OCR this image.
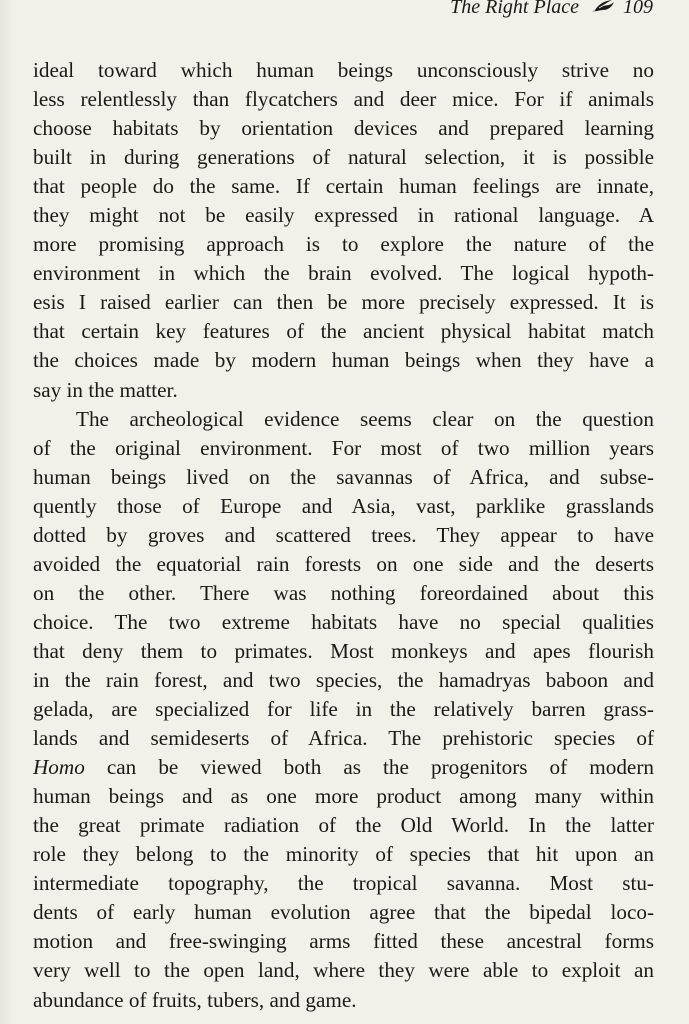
The Right Place 109
ideal toward which human beings unconsciously strive no
less relentlessly than flycatchers and deer mice. For if animals
choose habitats by orientation devices and prepared learning
built in during generations of natural selection, it is possible
that people do the same. If certain human feelings are innate,
they might not be easily expressed in rational language. A
more promising approach is to explore the nature of the
environment in which the brain evolved. The logical hypoth-
esis I raised earlier can then be more precisely expressed. It is
that certain key features of the ancient physical habitat match
the choices made by modern human beings when they have a
say in the matter.
The archeological evidence seems clear on the question
of the original environment. For most of two million years
human beings lived on the savannas of Africa, and subse-
quently those of Europe and Asia, vast, parklike grasslands
dotted by groves and scattered trees. They appear to have
avoided the equatorial rain forests on one side and the deserts
on the other. There was nothing foreordained about this
choice. The two extreme habitats have no special qualities
that deny them to primates. Most monkeys and apes flourish
in the rain forest, and two species, the hamadryas baboon and
gelada, are specialized for life in the relatively barren grass-
lands and semideserts of Africa. The prehistoric species of
Homo can be viewed both as the progenitors of modern
human beings and as one more product among many within
the great primate radiation of the Old World. In the latter
role they belong to the minority of species that hit upon an
intermediate topography, the tropical savanna. Most stu-
dents of early human evolution agree that the bipedal loco-
motion and free-swinging arms fitted these ancestral forms
very well to the open land, where they were able to exploit an
abundance of fruits, tubers, and game.
